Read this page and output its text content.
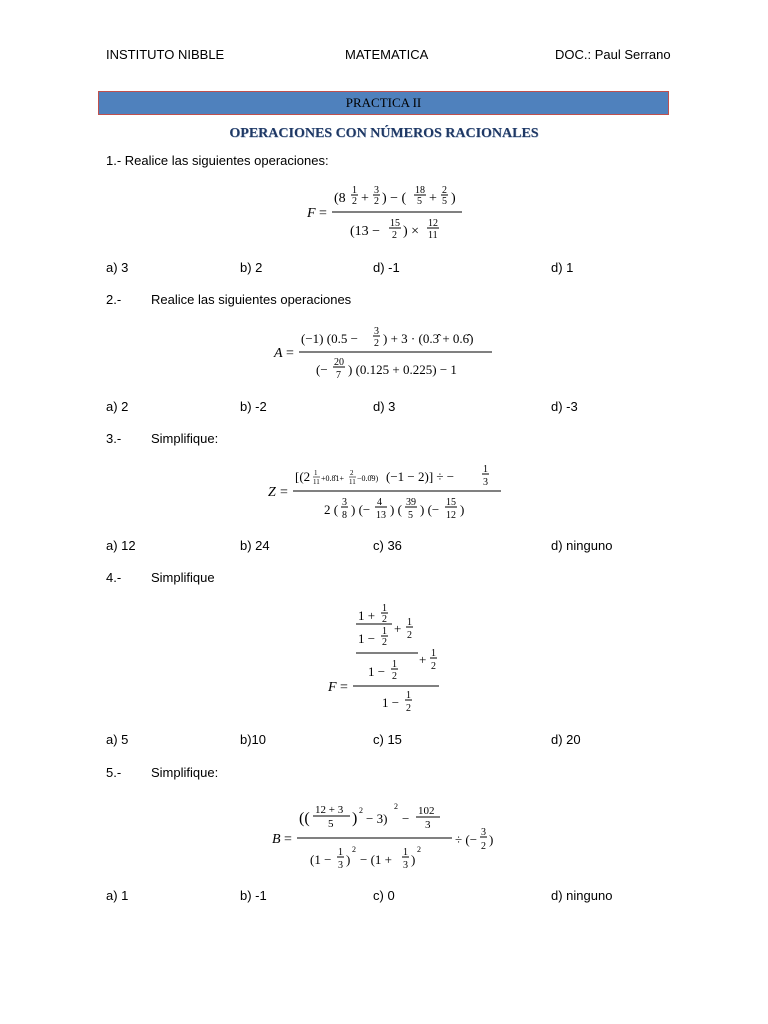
INSTITUTO NIBBLE	MATEMATICA	DOC.: Paul Serrano
PRACTICA II
OPERACIONES CON NÚMEROS RACIONALES
1.- Realice las siguientes operaciones:
F =
(8
1
2 +
3
2 ) − (
18
5 +
2
5 )
(13 −
15
2 ) ×
12
11
a) 3	b) 2	d) -1	d) 1
2.- Realice las siguientes operaciones
A =
(−1) (0.5 − 3
2 ) + 3 · (0.3̂ + 0.6̂)
(− 20
7 ) (0.125 + 0.225) − 1
a) 2	b) -2	d) 3	d) -3
3.- Simplifique:
Z =
[(2 1
11 +0.8̂1+
2
11 −0.0̂9) (−1 − 2)] ÷ −	1
3
2 ( 3
8 ) (− 4
13 ) ( 39
5 ) (− 15
12 )
a) 12	b) 24	c) 36	d) ninguno
4.- Simplifique
F =
1 + 1
2
1 − 1
2
+ 1
2
1 − 1
2
+ 1
2
1 − 1
2
a) 5	b)10	c) 15	d) 20
5.- Simplifique:
B =
(( 12 + 3
5 ) 2
− 3)
2
− 102
3
(1 − 1
3 )
2
− (1 + 1
3 )
2
÷ (− 3
2 )
a) 1	b) -1	c) 0	d) ninguno
